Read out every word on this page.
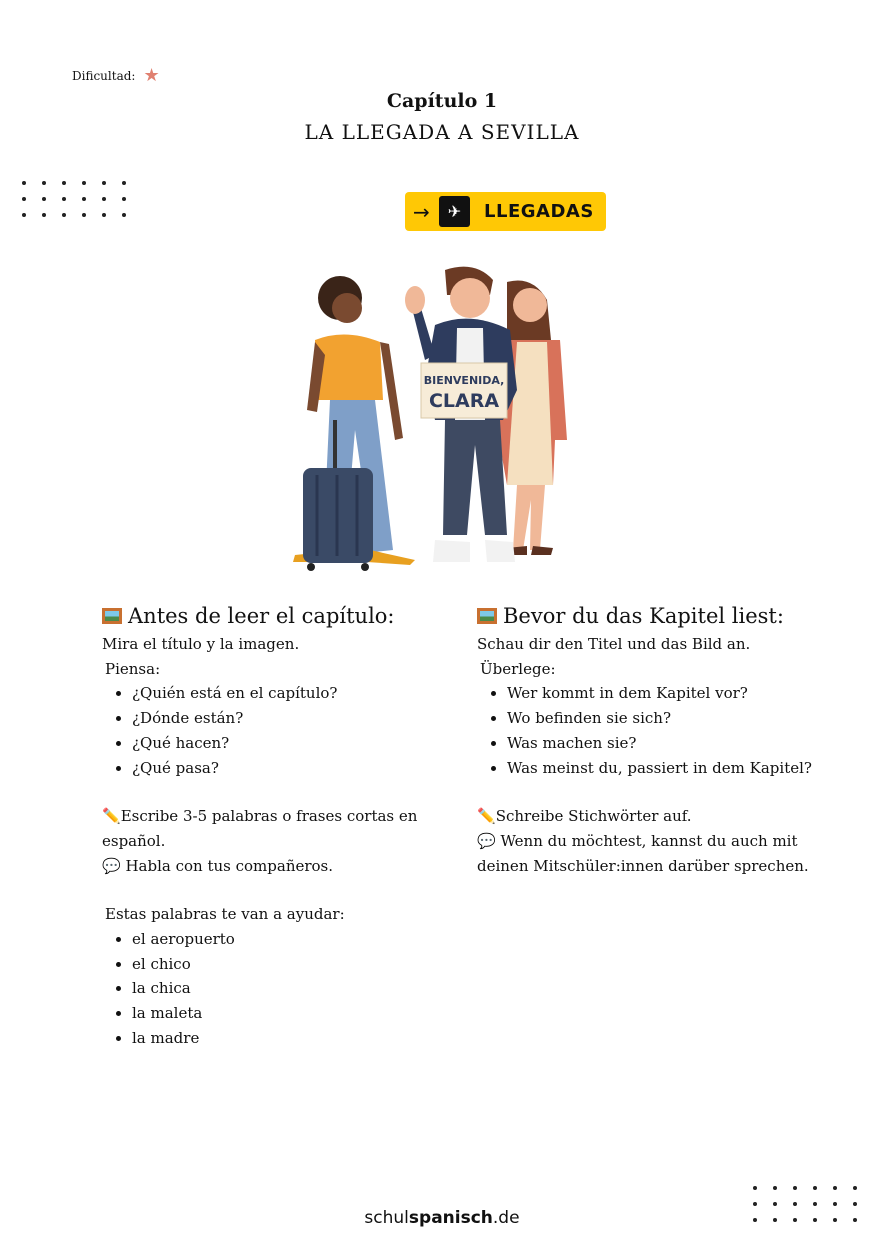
Dificultad: ★
Capítulo 1
LA LLEGADA A SEVILLA
→	✈	LLEGADAS
BIENVENIDA,
CLARA
Antes de leer el capítulo:

Mira el título y la imagen.

Piensa:

• ¿Quién está en el capítulo?
• ¿Dónde están?
• ¿Qué hacen?
• ¿Qué pasa?

✏️Escribe 3-5 palabras o frases cortas en español.

💬 Habla con tus compañeros.

Estas palabras te van a ayudar:

• el aeropuerto
• el chico
• la chica
• la maleta
• la madre
Bevor du das Kapitel liest:

Schau dir den Titel und das Bild an.

Überlege:

• Wer kommt in dem Kapitel vor?
• Wo befinden sie sich?
• Was machen sie?
• Was meinst du, passiert in dem Kapitel?

✏️Schreibe Stichwörter auf.

💬 Wenn du möchtest, kannst du auch mit deinen Mitschüler:innen darüber sprechen.

schulspanisch.de
